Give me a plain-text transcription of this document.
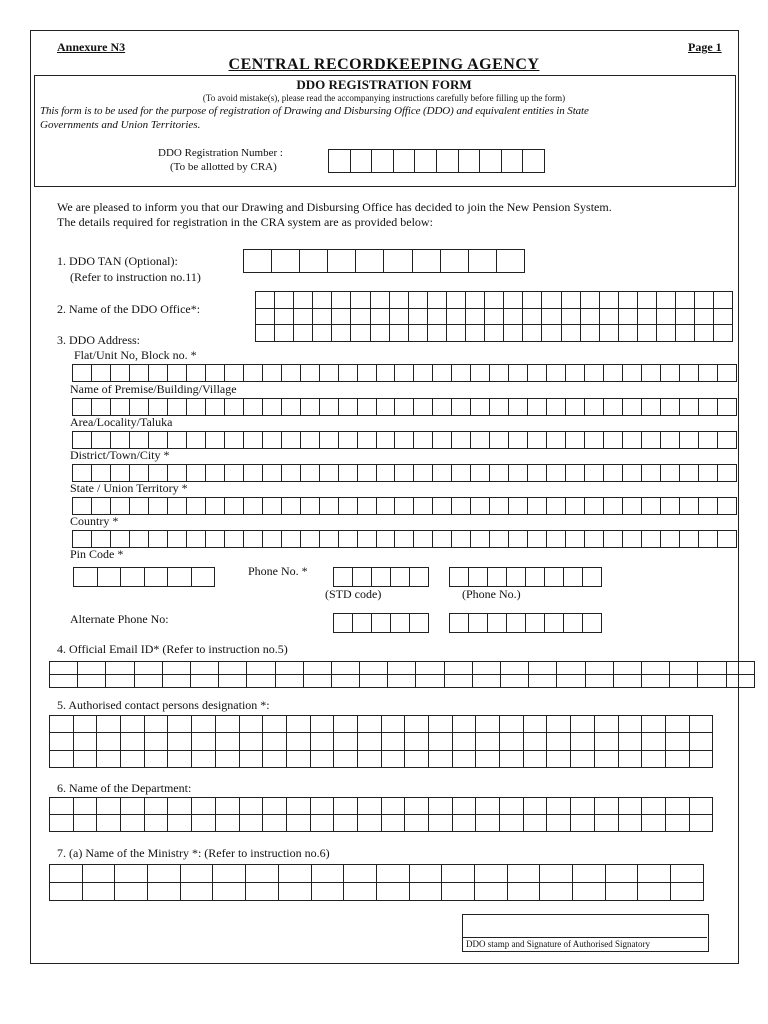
Annexure N3	Page 1
CENTRAL RECORDKEEPING AGENCY
DDO REGISTRATION FORM
(To avoid mistake(s), please read the accompanying instructions carefully before filling up the form)
This form is to be used for the purpose of registration of Drawing and Disbursing Office (DDO) and equivalent entities in State
Governments and Union Territories.
DDO Registration Number :
(To be allotted by CRA)

We are pleased to inform you that our Drawing and Disbursing Office has decided to join the New Pension System.
The details required for registration in the CRA system are as provided below:
1. DDO TAN (Optional):
(Refer to instruction no.11)

2. Name of the DDO Office*:

3. DDO Address:
Flat/Unit No, Block no. *

Name of Premise/Building/Village

Area/Locality/Taluka

District/Town/City *

State / Union Territory *

Country *

Pin Code *

Phone No. *

(STD code)	(Phone No.)
Alternate Phone No:

4. Official Email ID* (Refer to instruction no.5)

5. Authorised contact persons designation *:

6. Name of the Department:

7. (a) Name of the Ministry *: (Refer to instruction no.6)

DDO stamp and Signature of Authorised Signatory
